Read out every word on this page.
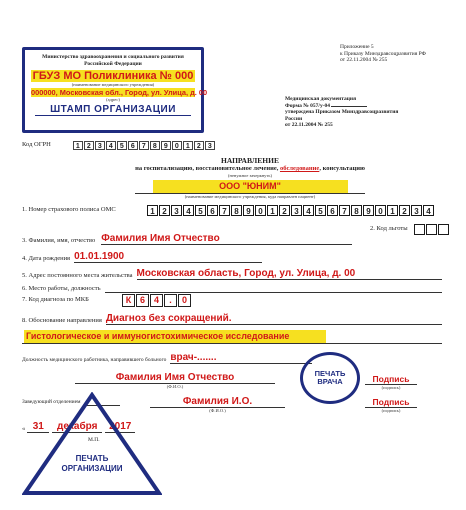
Министерство здравоохранения и социального развития Российской Федерации
ГБУЗ МО Поликлиника № 000
(наименование медицинского учреждения)
000000, Московская обл., Город, ул. Улица, д. 00
(адрес)
ШТАМП ОРГАНИЗАЦИИ
Приложение 5
к Приказу Минздравсоцразвития РФ
от 22.11.2004 № 255
Медицинская документация
Форма № 057/у-04
утверждена Приказом Минздравсоцразвития
России
от 22.11.2004 № 255
Код ОГРН	1	2	3	4	5	6	7	8	9	0	1	2	3
НАПРАВЛЕНИЕ
на госпитализацию, восстановительное лечение, обследование, консультацию
(ненужное зачеркнуть)
ООО "ЮНИМ"
(наименование медицинского учреждения, куда направлен пациент)
1. Номер страхового полиса ОМС	1 2 3 4 5 6 7 8 9 0 1 2 3 4 5 6 7 8 9 0 1 2 3 4
2. Код льготы
3. Фамилия, имя, отчество Фамилия Имя Отчество
4. Дата рождения 01.01.1900
5. Адрес постоянного места жительства Московская область, Город, ул. Улица, д. 00
6. Место работы, должность
7. Код диагноза по МКБ	К 6 4	.	0
8. Обоснование направления Диагноз без сокращений.
Гистологическое и иммуногистохимическое исследование
Должность медицинского работника, направившего больного врач-.......
Фамилия Имя Отчество
(Ф.И.О.)
ПЕЧАТЬ ВРАЧА	Подпись
(подпись)
Заведующий отделением	Фамилия И.О.
(Ф.И.О.)
Подпись
(подпись)
« 31	декабря	2017
М.П.
ПЕЧАТЬ ОРГАНИЗАЦИИ
